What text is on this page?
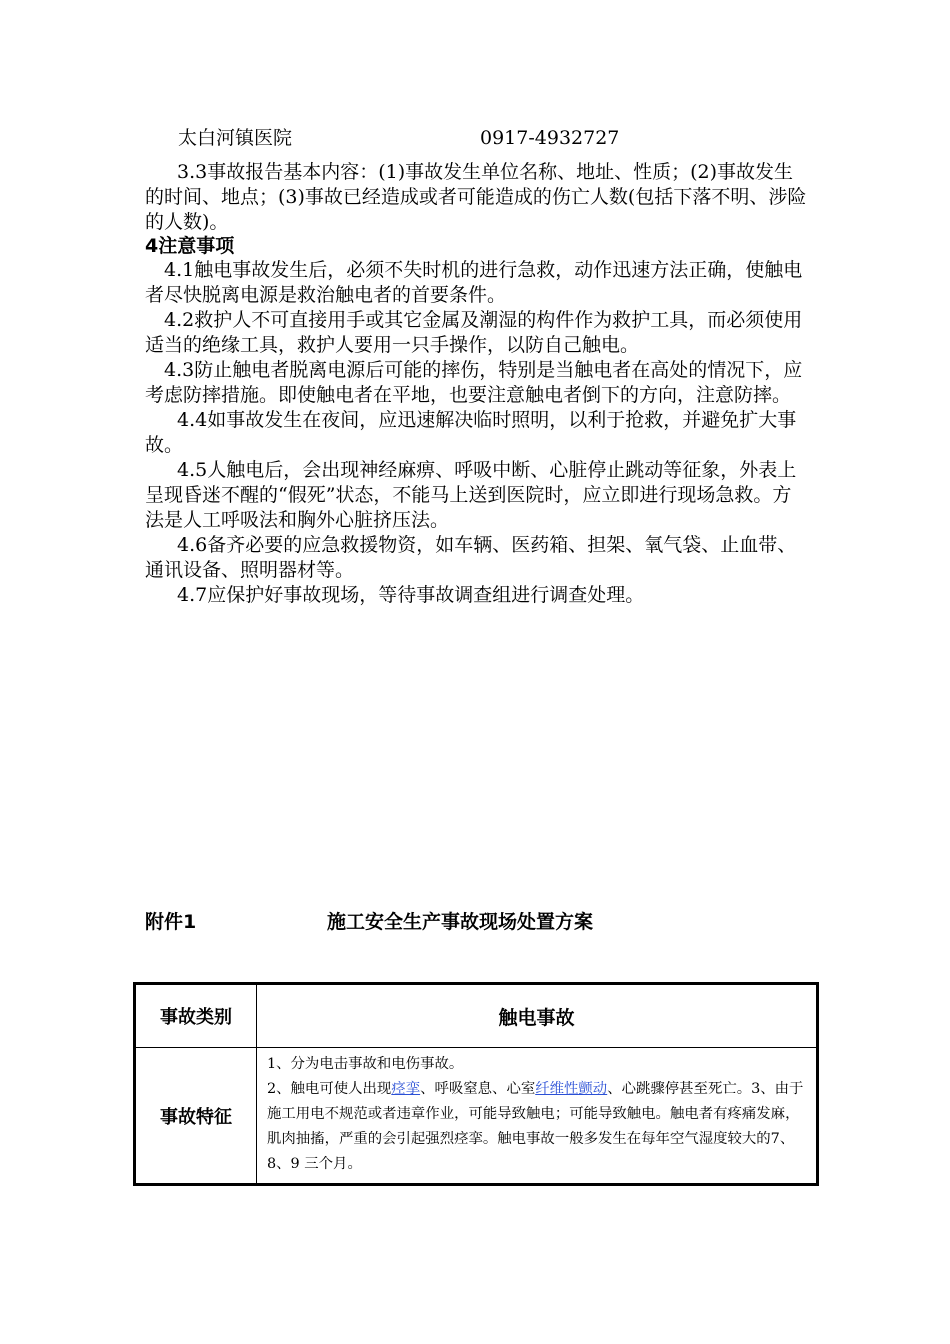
太白河镇医院	0917-4932727

3.3事故报告基本内容：(1)事故发生单位名称、地址、性质；(2)事故发生的时间、地点；(3)事故已经造成或者可能造成的伤亡人数(包括下落不明、涉险的人数)。

4注意事项

4.1触电事故发生后，必须不失时机的进行急救，动作迅速方法正确，使触电者尽快脱离电源是救治触电者的首要条件。

4.2救护人不可直接用手或其它金属及潮湿的构件作为救护工具，而必须使用适当的绝缘工具，救护人要用一只手操作，以防自己触电。

4.3防止触电者脱离电源后可能的摔伤，特别是当触电者在高处的情况下，应考虑防摔措施。即使触电者在平地，也要注意触电者倒下的方向，注意防摔。

4.4如事故发生在夜间，应迅速解决临时照明，以利于抢救，并避免扩大事故。

4.5人触电后，会出现神经麻痹、呼吸中断、心脏停止跳动等征象，外表上呈现昏迷不醒的“假死”状态，不能马上送到医院时，应立即进行现场急救。方法是人工呼吸法和胸外心脏挤压法。

4.6备齐必要的应急救援物资，如车辆、医药箱、担架、氧气袋、止血带、通讯设备、照明器材等。

4.7应保护好事故现场，等待事故调查组进行调查处理。

附件1	施工安全生产事故现场处置方案
事故类别	触电事故
事故特征	1、分为电击事故和电伤事故。

2、触电可使人出现痉挛、呼吸窒息、心室纤维性颤动、心跳骤停甚至死亡。3、由于施工用电不规范或者违章作业，可能导致触电；可能导致触电。触电者有疼痛发麻，肌肉抽搐，严重的会引起强烈痉挛。触电事故一般多发生在每年空气湿度较大的7、8、9 三个月。
